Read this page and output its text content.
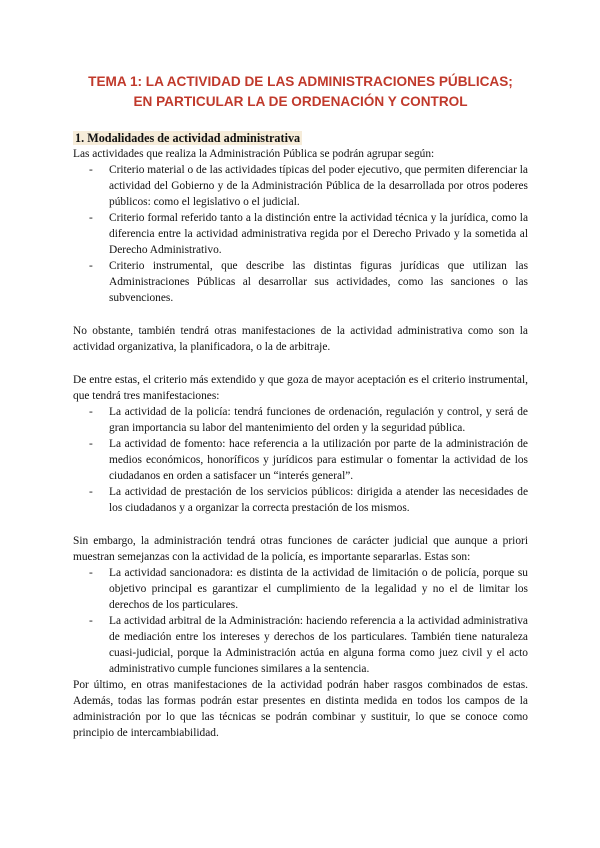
TEMA 1: LA ACTIVIDAD DE LAS ADMINISTRACIONES PÚBLICAS; EN PARTICULAR LA DE ORDENACIÓN Y CONTROL
1. Modalidades de actividad administrativa

Las actividades que realiza la Administración Pública se podrán agrupar según:

- Criterio material o de las actividades típicas del poder ejecutivo, que permiten diferenciar la actividad del Gobierno y de la Administración Pública de la desarrollada por otros poderes públicos: como el legislativo o el judicial.
- Criterio formal referido tanto a la distinción entre la actividad técnica y la jurídica, como la diferencia entre la actividad administrativa regida por el Derecho Privado y la sometida al Derecho Administrativo.
- Criterio instrumental, que describe las distintas figuras jurídicas que utilizan las Administraciones Públicas al desarrollar sus actividades, como las sanciones o las subvenciones.

No obstante, también tendrá otras manifestaciones de la actividad administrativa como son la actividad organizativa, la planificadora, o la de arbitraje.

De entre estas, el criterio más extendido y que goza de mayor aceptación es el criterio instrumental, que tendrá tres manifestaciones:

- La actividad de la policía: tendrá funciones de ordenación, regulación y control, y será de gran importancia su labor del mantenimiento del orden y la seguridad pública.
- La actividad de fomento: hace referencia a la utilización por parte de la administración de medios económicos, honoríficos y jurídicos para estimular o fomentar la actividad de los ciudadanos en orden a satisfacer un “interés general”.
- La actividad de prestación de los servicios públicos: dirigida a atender las necesidades de los ciudadanos y a organizar la correcta prestación de los mismos.

Sin embargo, la administración tendrá otras funciones de carácter judicial que aunque a priori muestran semejanzas con la actividad de la policía, es importante separarlas. Estas son:

- La actividad sancionadora: es distinta de la actividad de limitación o de policía, porque su objetivo principal es garantizar el cumplimiento de la legalidad y no el de limitar los derechos de los particulares.
- La actividad arbitral de la Administración: haciendo referencia a la actividad administrativa de mediación entre los intereses y derechos de los particulares. También tiene naturaleza cuasi-judicial, porque la Administración actúa en alguna forma como juez civil y el acto administrativo cumple funciones similares a la sentencia.

Por último, en otras manifestaciones de la actividad podrán haber rasgos combinados de estas. Además, todas las formas podrán estar presentes en distinta medida en todos los campos de la administración por lo que las técnicas se podrán combinar y sustituir, lo que se conoce como principio de intercambiabilidad.
